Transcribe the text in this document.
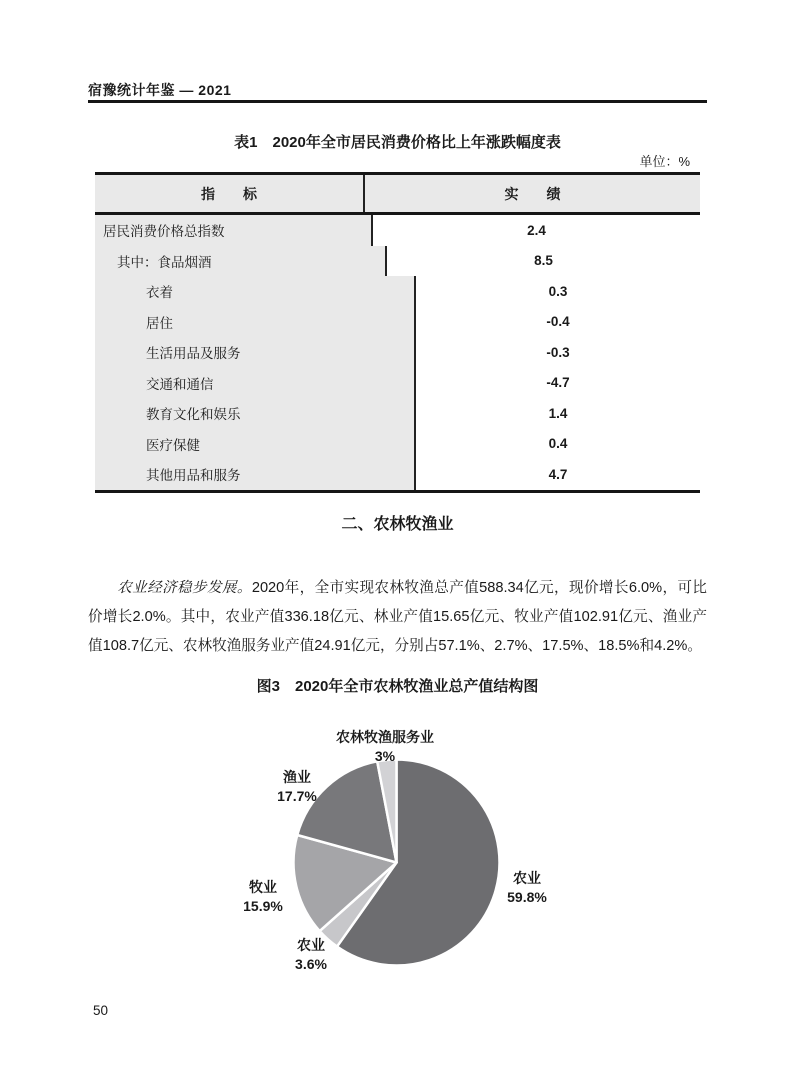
宿豫统计年鉴 — 2021
表1　2020年全市居民消费价格比上年涨跌幅度表
单位：%
指　　标	实　　绩
居民消费价格总指数	2.4
其中：食品烟酒	8.5
衣着	0.3
居住	-0.4
生活用品及服务	-0.3
交通和通信	-4.7
教育文化和娱乐	1.4
医疗保健	0.4
其他用品和服务	4.7
二、农林牧渔业

农业经济稳步发展。2020年，全市实现农林牧渔总产值588.34亿元，现价增长6.0%，可比价增长2.0%。其中，农业产值336.18亿元、林业产值15.65亿元、牧业产值102.91亿元、渔业产值108.7亿元、农林牧渔服务业产值24.91亿元，分别占57.1%、2.7%、17.5%、18.5%和4.2%。

图3　2020年全市农林牧渔业总产值结构图
农业
59.8%
农业
3.6%
牧业
15.9%
渔业
17.7%
农林牧渔服务业
3%
50
